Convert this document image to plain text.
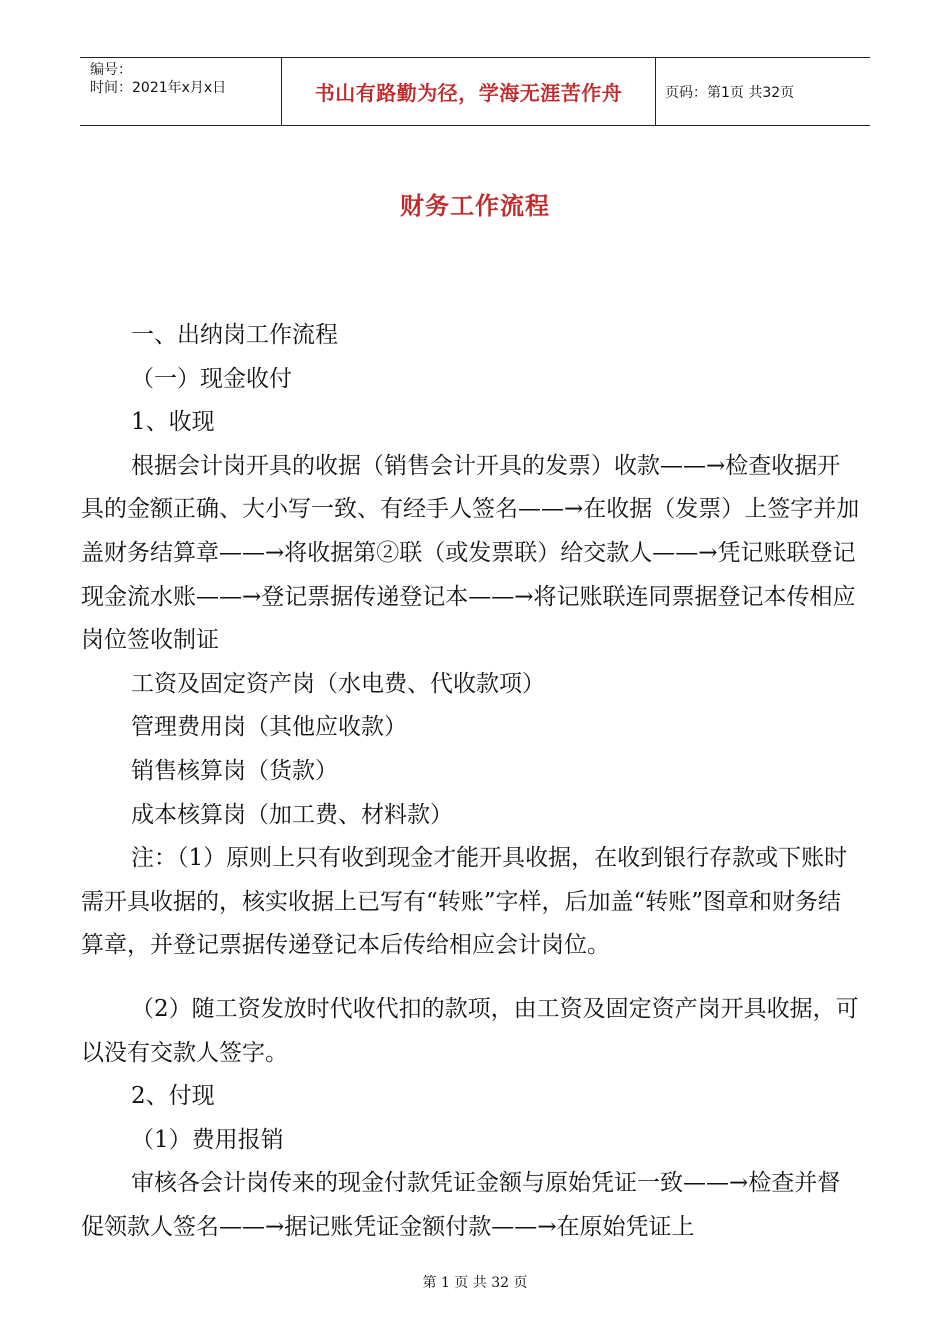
编号：
时间：2021年x月x日	书山有路勤为径，学海无涯苦作舟	页码：第1页 共32页
财务工作流程

一、出纳岗工作流程

（一）现金收付

1、收现

根据会计岗开具的收据（销售会计开具的发票）收款——→检查收据开具的金额正确、大小写一致、有经手人签名——→在收据（发票）上签字并加盖财务结算章——→将收据第②联（或发票联）给交款人——→凭记账联登记现金流水账——→登记票据传递登记本——→将记账联连同票据登记本传相应岗位签收制证

工资及固定资产岗（水电费、代收款项）

管理费用岗（其他应收款）

销售核算岗（货款）

成本核算岗（加工费、材料款）

注：（1）原则上只有收到现金才能开具收据，在收到银行存款或下账时需开具收据的，核实收据上已写有“转账”字样，后加盖“转账”图章和财务结算章，并登记票据传递登记本后传给相应会计岗位。

（2）随工资发放时代收代扣的款项，由工资及固定资产岗开具收据，可以没有交款人签字。

2、付现

（1）费用报销

审核各会计岗传来的现金付款凭证金额与原始凭证一致——→检查并督促领款人签名——→据记账凭证金额付款——→在原始凭证上

第 1 页 共 32 页
